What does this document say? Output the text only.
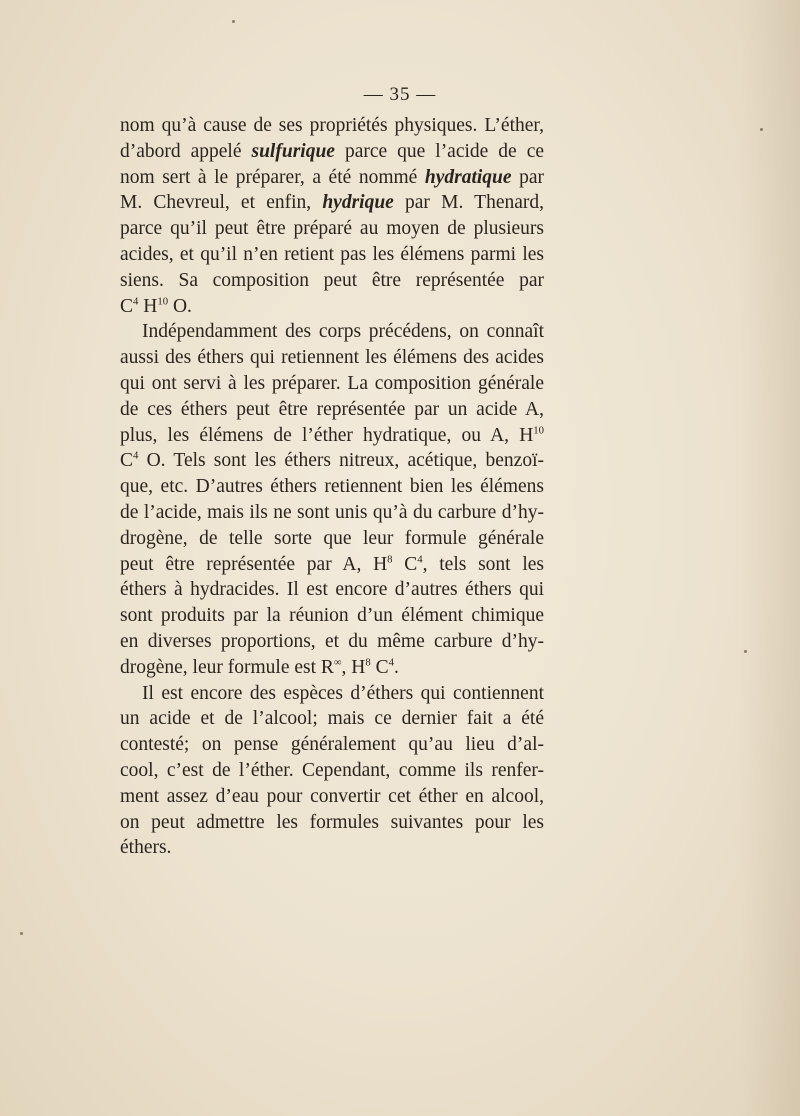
— 35 —

nom qu’à cause de ses propriétés physiques. L’éther,

d’abord appelé sulfurique parce que l’acide de ce

nom sert à le préparer, a été nommé hydratique par

M. Chevreul, et enfin, hydrique par M. Thenard,

parce qu’il peut être préparé au moyen de plusieurs

acides, et qu’il n’en retient pas les élémens parmi les

siens. Sa composition peut être représentée par

$C^4$ $H^{10}$ O.

Indépendamment des corps précédens, on connaît

aussi des éthers qui retiennent les élémens des acides

qui ont servi à les préparer. La composition générale

de ces éthers peut être représentée par un acide A,

plus, les élémens de l’éther hydratique, ou A, $H^{10}$

$C^4$ O. Tels sont les éthers nitreux, acétique, benzoï-

que, etc. D’autres éthers retiennent bien les élémens

de l’acide, mais ils ne sont unis qu’à du carbure d’hy-

drogène, de telle sorte que leur formule générale

peut être représentée par A, $H^8$ $C^4$, tels sont les

éthers à hydracides. Il est encore d’autres éthers qui

sont produits par la réunion d’un élément chimique

en diverses proportions, et du même carbure d’hy-

drogène, leur formule est R∞, $H^8$ $C^4$.

Il est encore des espèces d’éthers qui contiennent

un acide et de l’alcool; mais ce dernier fait a été

contesté; on pense généralement qu’au lieu d’al-

cool, c’est de l’éther. Cependant, comme ils renfer-

ment assez d’eau pour convertir cet éther en alcool,

on peut admettre les formules suivantes pour les

éthers.
